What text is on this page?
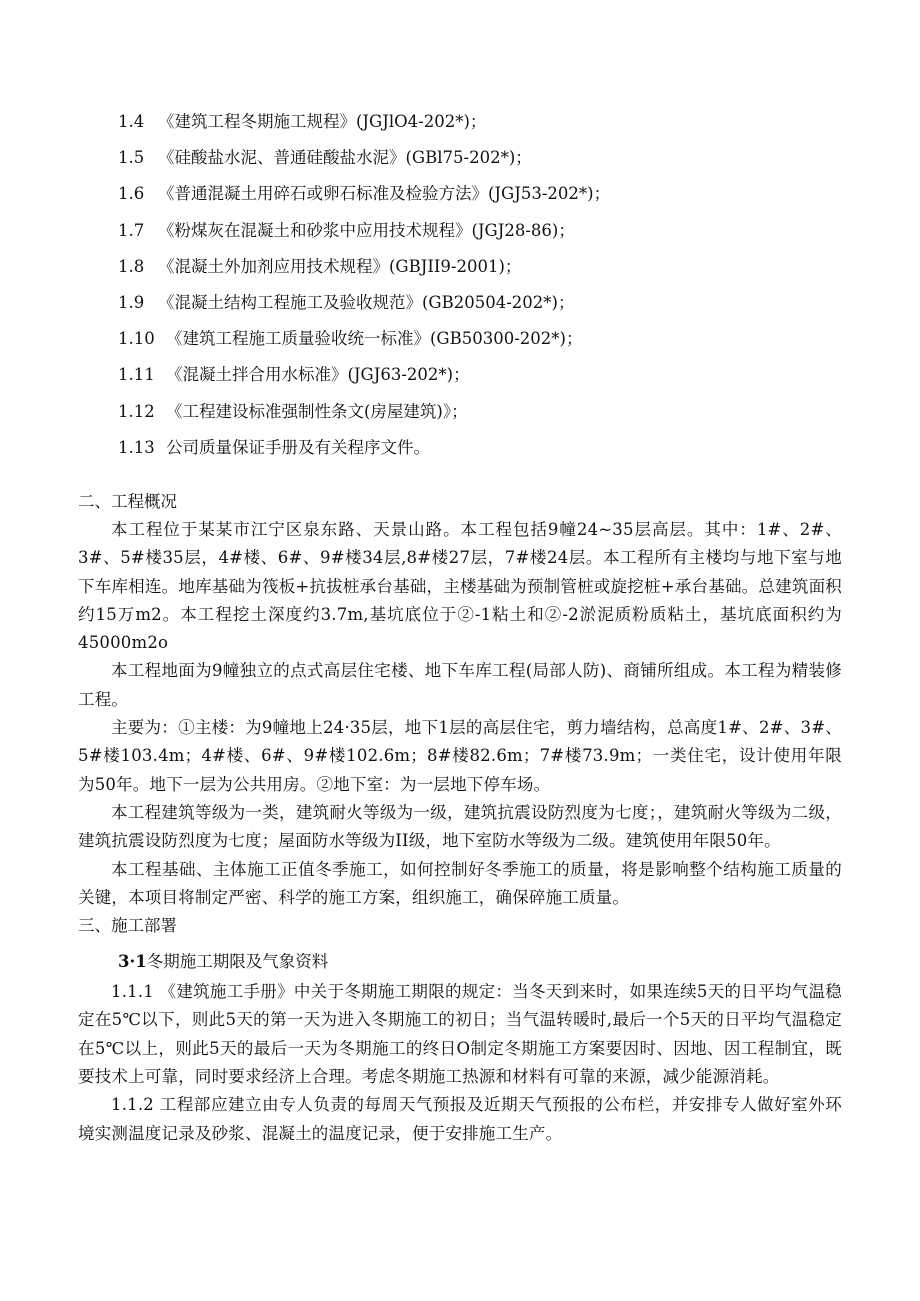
1.4 《建筑工程冬期施工规程》(JGJlO4-202*)；
1.5 《硅酸盐水泥、普通硅酸盐水泥》(GBl75-202*)；
1.6 《普通混凝土用碎石或卵石标准及检验方法》(JGJ53-202*)；
1.7 《粉煤灰在混凝土和砂浆中应用技术规程》(JGJ28-86)；
1.8 《混凝土外加剂应用技术规程》(GBJII9-2001)；
1.9 《混凝土结构工程施工及验收规范》(GB20504-202*)；
1.10 《建筑工程施工质量验收统一标准》(GB50300-202*)；
1.11 《混凝土拌合用水标准》(JGJ63-202*)；
1.12 《工程建设标准强制性条文(房屋建筑)》；
1.13 公司质量保证手册及有关程序文件。

二、工程概况

本工程位于某某市江宁区泉东路、天景山路。本工程包括9幢24~35层高层。其中：1#、2#、3#、5#楼35层，4#楼、6#、9#楼34层,8#楼27层，7#楼24层。本工程所有主楼均与地下室与地下车库相连。地库基础为筏板+抗拔桩承台基础，主楼基础为预制管桩或旋挖桩+承台基础。总建筑面积约15万m2。本工程挖土深度约3.7m,基坑底位于②-1粘土和②-2淤泥质粉质粘土，基坑底面积约为45000m2o

本工程地面为9幢独立的点式高层住宅楼、地下车库工程(局部人防)、商铺所组成。本工程为精装修工程。

主要为：①主楼：为9幢地上24·35层，地下1层的高层住宅，剪力墙结构，总高度1#、2#、3#、5#楼103.4m；4#楼、6#、9#楼102.6m；8#楼82.6m；7#楼73.9m；一类住宅，设计使用年限为50年。地下一层为公共用房。②地下室：为一层地下停车场。

本工程建筑等级为一类，建筑耐火等级为一级，建筑抗震设防烈度为七度；，建筑耐火等级为二级，建筑抗震设防烈度为七度；屋面防水等级为II级，地下室防水等级为二级。建筑使用年限50年。

本工程基础、主体施工正值冬季施工，如何控制好冬季施工的质量，将是影响整个结构施工质量的关键，本项目将制定严密、科学的施工方案，组织施工，确保碎施工质量。

三、施工部署

3·1冬期施工期限及气象资料

1.1.1 《建筑施工手册》中关于冬期施工期限的规定：当冬天到来时，如果连续5天的日平均气温稳定在5℃以下，则此5天的第一天为进入冬期施工的初日；当气温转暖时,最后一个5天的日平均气温稳定在5℃以上，则此5天的最后一天为冬期施工的终日O制定冬期施工方案要因时、因地、因工程制宜，既要技术上可靠，同时要求经济上合理。考虑冬期施工热源和材料有可靠的来源，减少能源消耗。

1.1.2 工程部应建立由专人负责的每周天气预报及近期天气预报的公布栏，并安排专人做好室外环境实测温度记录及砂浆、混凝土的温度记录，便于安排施工生产。
